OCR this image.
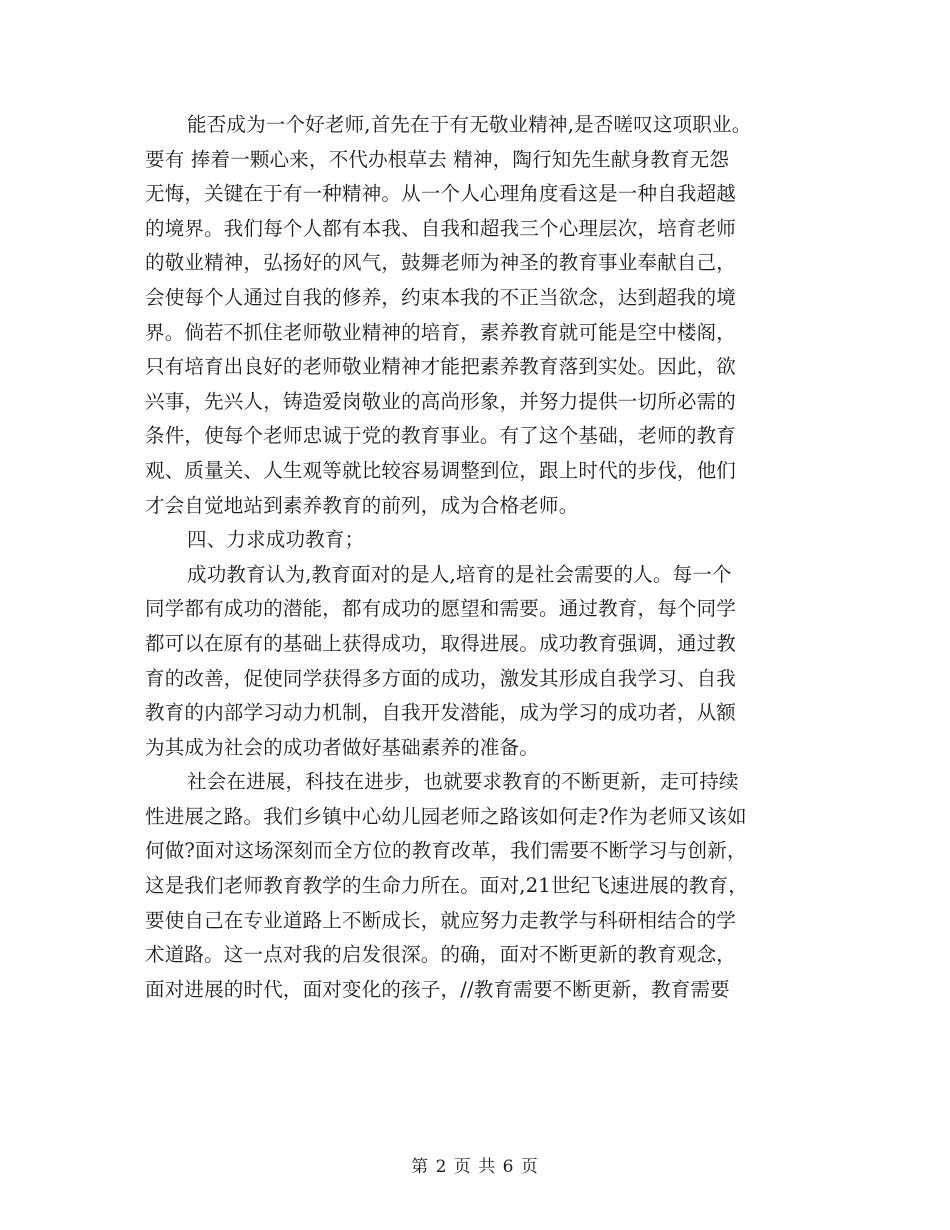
能否成为一个好老师,首先在于有无敬业精神,是否嗟叹这项职业。
要有 捧着一颗心来，不代办根草去 精神，陶行知先生献身教育无怨
无悔，关键在于有一种精神。从一个人心理角度看这是一种自我超越
的境界。我们每个人都有本我、自我和超我三个心理层次，培育老师
的敬业精神，弘扬好的风气，鼓舞老师为神圣的教育事业奉献自己，
会使每个人通过自我的修养，约束本我的不正当欲念，达到超我的境
界。倘若不抓住老师敬业精神的培育，素养教育就可能是空中楼阁，
只有培育出良好的老师敬业精神才能把素养教育落到实处。因此，欲
兴事，先兴人，铸造爱岗敬业的高尚形象，并努力提供一切所必需的
条件，使每个老师忠诚于党的教育事业。有了这个基础，老师的教育
观、质量关、人生观等就比较容易调整到位，跟上时代的步伐，他们
才会自觉地站到素养教育的前列，成为合格老师。
四、力求成功教育；
成功教育认为,教育面对的是人,培育的是社会需要的人。每一个
同学都有成功的潜能，都有成功的愿望和需要。通过教育，每个同学
都可以在原有的基础上获得成功，取得进展。成功教育强调，通过教
育的改善，促使同学获得多方面的成功，激发其形成自我学习、自我
教育的内部学习动力机制，自我开发潜能，成为学习的成功者，从额
为其成为社会的成功者做好基础素养的准备。
社会在进展，科技在进步，也就要求教育的不断更新，走可持续
性进展之路。我们乡镇中心幼儿园老师之路该如何走?作为老师又该如
何做?面对这场深刻而全方位的教育改革，我们需要不断学习与创新，
这是我们老师教育教学的生命力所在。面对,21世纪飞速进展的教育，
要使自己在专业道路上不断成长，就应努力走教学与科研相结合的学
术道路。这一点对我的启发很深。的确，面对不断更新的教育观念，
面对进展的时代，面对变化的孩子，//教育需要不断更新，教育需要
第 2 页 共 6 页
